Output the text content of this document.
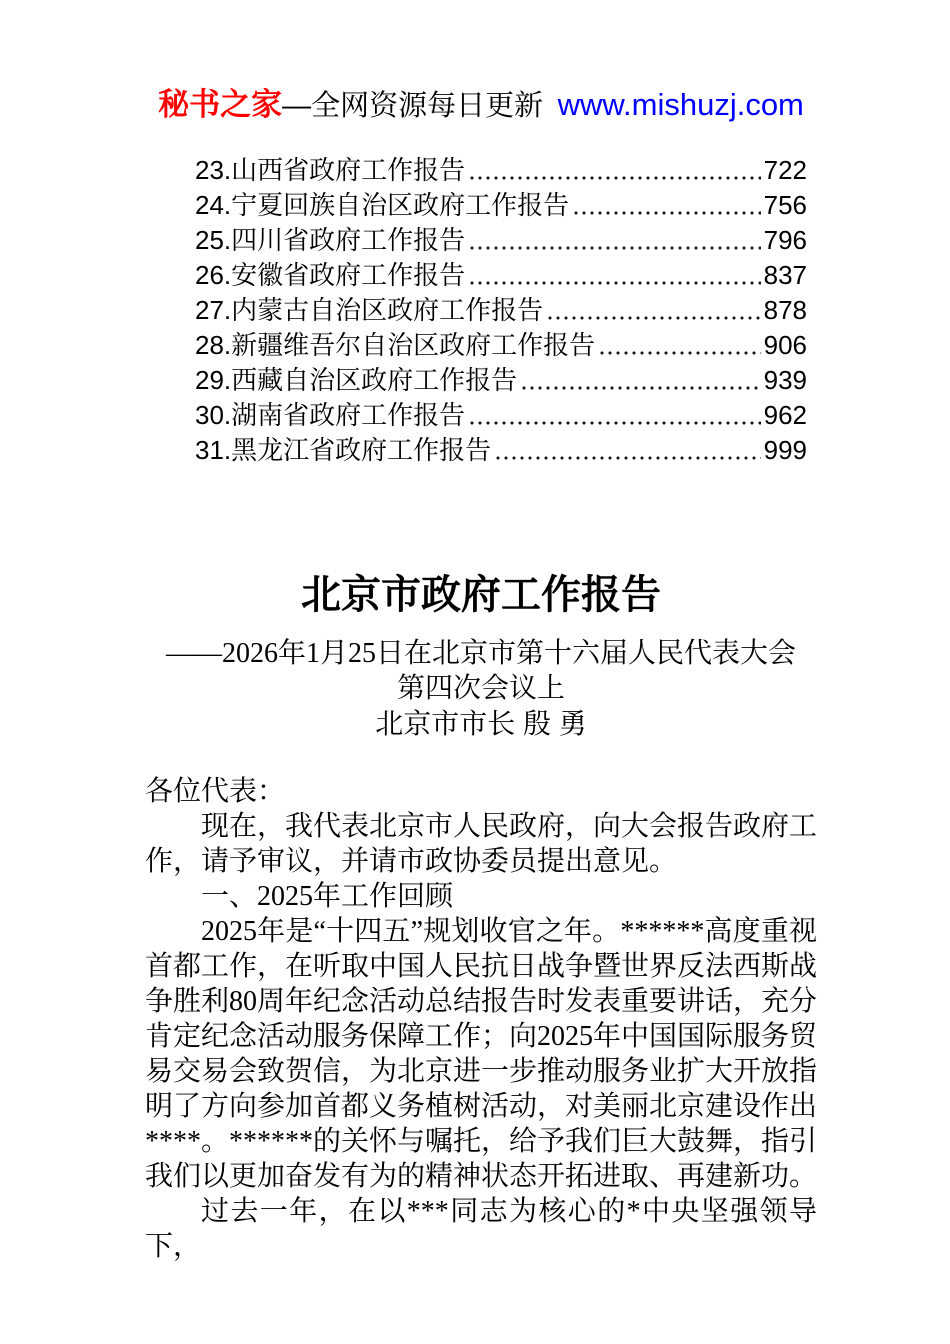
秘书之家—全网资源每日更新 www.mishuzj.com
23.山西省政府工作报告	722
24.宁夏回族自治区政府工作报告	756
25.四川省政府工作报告	796
26.安徽省政府工作报告	837
27.内蒙古自治区政府工作报告	878
28.新疆维吾尔自治区政府工作报告	906
29.西藏自治区政府工作报告	939
30.湖南省政府工作报告	962
31.黑龙江省政府工作报告	999
北京市政府工作报告
——2026年1月25日在北京市第十六届人民代表大会
第四次会议上
北京市市长 殷 勇

各位代表：

现在，我代表北京市人民政府，向大会报告政府工作，请予审议，并请市政协委员提出意见。

一、2025年工作回顾

2025年是“十四五”规划收官之年。******高度重视首都工作，在听取中国人民抗日战争暨世界反法西斯战争胜利80周年纪念活动总结报告时发表重要讲话，充分肯定纪念活动服务保障工作；向2025年中国国际服务贸易交易会致贺信，为北京进一步推动服务业扩大开放指明了方向参加首都义务植树活动，对美丽北京建设作出****。******的关怀与嘱托，给予我们巨大鼓舞，指引我们以更加奋发有为的精神状态开拓进取、再建新功。

过去一年，在以***同志为核心的*中央坚强领导下，
